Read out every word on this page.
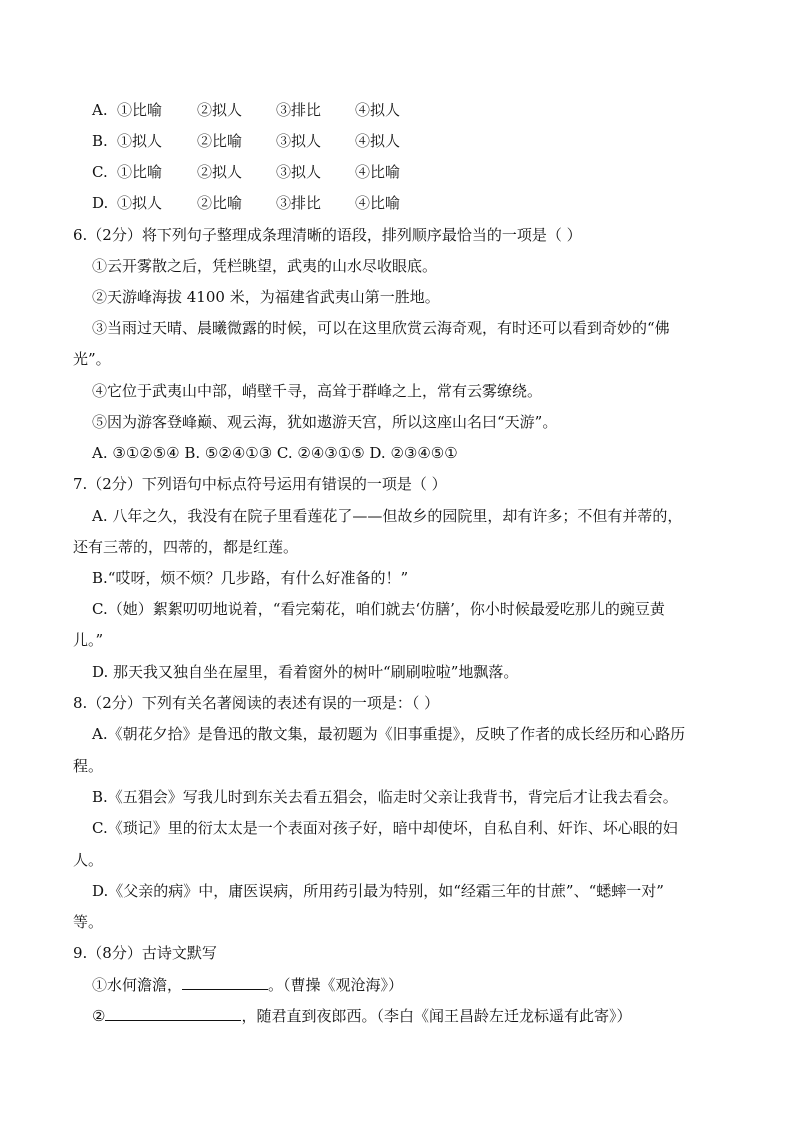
A. ①比喻 ②拟人 ③排比 ④拟人
B. ①拟人 ②比喻 ③拟人 ④拟人
C. ①比喻 ②拟人 ③拟人 ④比喻
D. ①拟人 ②比喻 ③排比 ④比喻
6.（2分）将下列句子整理成条理清晰的语段，排列顺序最恰当的一项是（ ）
①云开雾散之后，凭栏眺望，武夷的山水尽收眼底。
②天游峰海拔 4100 米，为福建省武夷山第一胜地。
③当雨过天晴、晨曦微露的时候，可以在这里欣赏云海奇观，有时还可以看到奇妙的“佛
光”。
④它位于武夷山中部，峭壁千寻，高耸于群峰之上，常有云雾缭绕。
⑤因为游客登峰巅、观云海，犹如遨游天宫，所以这座山名曰“天游”。
A. ③①②⑤④ B. ⑤②④①③ C. ②④③①⑤ D. ②③④⑤①
7.（2分）下列语句中标点符号运用有错误的一项是（ ）
A. 八年之久，我没有在院子里看莲花了——但故乡的园院里，却有许多；不但有并蒂的，
还有三蒂的，四蒂的，都是红莲。
B.“哎呀，烦不烦？几步路，有什么好准备的！”
C.（她）絮絮叨叨地说着，“看完菊花，咱们就去‘仿膳’，你小时候最爱吃那儿的豌豆黄
儿。”
D. 那天我又独自坐在屋里，看着窗外的树叶“刷刷啦啦”地飘落。
8.（2分）下列有关名著阅读的表述有误的一项是：（ ）
A.《朝花夕拾》是鲁迅的散文集，最初题为《旧事重提》，反映了作者的成长经历和心路历
程。
B.《五猖会》写我儿时到东关去看五猖会，临走时父亲让我背书，背完后才让我去看会。
C.《琐记》里的衍太太是一个表面对孩子好，暗中却使坏，自私自利、奸诈、坏心眼的妇
人。
D.《父亲的病》中，庸医误病，所用药引最为特别，如“经霜三年的甘蔗”、“蟋蟀一对”
等。
9.（8分）古诗文默写
①水何澹澹，	。（曹操《观沧海》）
②	，随君直到夜郎西。（李白《闻王昌龄左迁龙标遥有此寄》）
